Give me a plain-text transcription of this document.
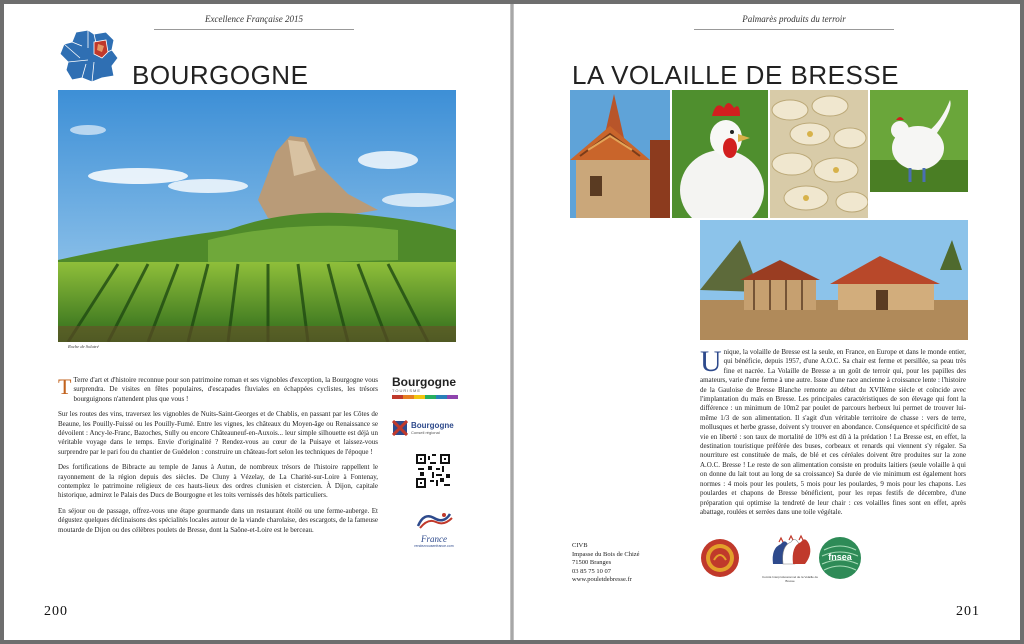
Excellence Française 2015
BOURGOGNE
Roche de Solutré

T Terre d'art et d'histoire reconnue pour son patrimoine roman et ses vignobles d'exception, la Bourgogne vous surprendra. De visites en fêtes populaires, d'escapades fluviales en échappées cyclistes, les trésors bourguignons n'attendent plus que vous !

Sur les routes des vins, traversez les vignobles de Nuits-Saint-Georges et de Chablis, en passant par les Côtes de Beaune, les Pouilly-Fuissé ou les Pouilly-Fumé. Entre les vignes, les châteaux du Moyen-âge ou Renaissance se dévoilent : Ancy-le-Franc, Bazoches, Sully ou encore Châteauneuf-en-Auxois... leur simple silhouette est déjà un véritable voyage dans le temps. Envie d'originalité ? Rendez-vous au cœur de la Puisaye et laissez-vous surprendre par le pari fou du chantier de Guédelon : construire un château-fort selon les techniques de l'époque !

Des fortifications de Bibracte au temple de Janus à Autun, de nombreux trésors de l'histoire rappellent le rayonnement de la région depuis des siècles. De Cluny à Vézelay, de La Charité-sur-Loire à Fontenay, contemplez le patrimoine religieux de ces hauts-lieux des ordres clunisien et cistercien. À Dijon, capitale historique, admirez le Palais des Ducs de Bourgogne et les toits vernissés des hôtels particuliers.

En séjour ou de passage, offrez-vous une étape gourmande dans un restaurant étoilé ou une ferme-auberge. Et dégustez quelques déclinaisons des spécialités locales autour de la viande charolaise, des escargots, de la fameuse moutarde de Dijon ou des célèbres poulets de Bresse, dont la Saône-et-Loire est le berceau.

Bourgogne
TOURISME
Bourgogne
Conseil régional
France
rendezvousenfrance.com
200
Palmarès produits du terroir
LA VOLAILLE DE BRESSE

Unique, la volaille de Bresse est la seule, en France, en Europe et dans le monde entier, qui bénéficie, depuis 1957, d'une A.O.C. Sa chair est ferme et persillée, sa peau très fine et nacrée. La Volaille de Bresse a un goût de terroir qui, pour les papilles des amateurs, varie d'une ferme à une autre. Issue d'une race ancienne à croissance lente : l'histoire de la Gauloise de Bresse Blanche remonte au début du XVIIème siècle et coïncide avec l'implantation du maïs en Bresse. Les principales caractéristiques de son élevage qui font la différence : un minimum de 10m2 par poulet de parcours herbeux lui permet de trouver lui-même 1/3 de son alimentation. Il s'agit d'un véritable territoire de chasse : vers de terre, mollusques et herbe grasse, doivent s'y trouver en abondance. Conséquence et spécificité de sa vie en liberté : son taux de mortalité de 10% est dû à la prédation ! La Bresse est, en effet, la destination touristique préférée des buses, corbeaux et renards qui viennent s'y régaler. Sa nourriture est constituée de maïs, de blé et ces céréales doivent être produites sur la zone A.O.C. Bresse ! Le reste de son alimentation consiste en produits laitiers (seule volaille à qui on donne du lait tout au long de sa croissance) Sa durée de vie minimum est également hors normes : 4 mois pour les poulets, 5 mois pour les poulardes, 9 mois pour les chapons. Les poulardes et chapons de Bresse bénéficient, pour les repas festifs de décembre, d'une préparation qui optimise la tendreté de leur chair : ces volailles fines sont en effet, après abattage, roulées et serrées dans une toile végétale.

CIVB
Impasse du Bois de Chizé
71500 Branges
03 85 75 10 07
www.pouletdebresse.fr	Comité Interprofessionnel de la Volaille de Bresse
fnsea
201
